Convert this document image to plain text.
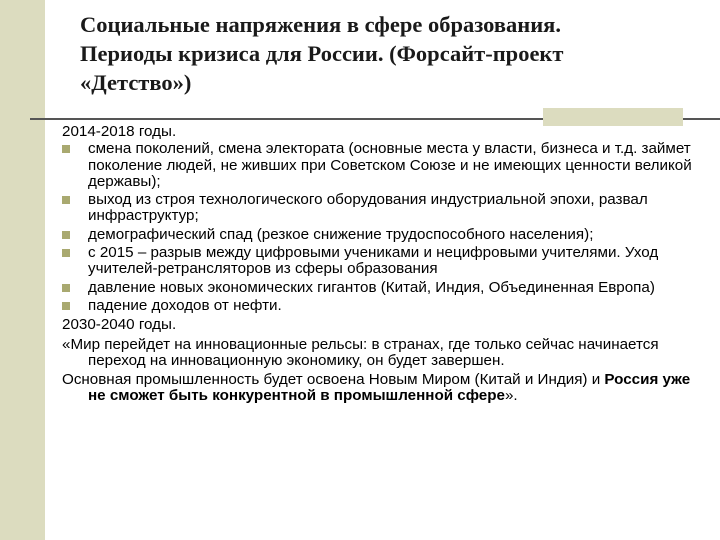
Социальные напряжения в сфере образования.
Периоды кризиса для России. (Форсайт-проект
«Детство»)
2014-2018 годы.
смена поколений, смена электората (основные места у власти, бизнеса и т.д. займет поколение людей, не живших при Советском Союзе и не имеющих ценности великой державы);
выход из строя технологического оборудования индустриальной эпохи, развал инфраструктур;
демографический спад (резкое снижение трудоспособного населения);
с 2015 – разрыв между цифровыми учениками и нецифровыми учителями. Уход учителей-ретрансляторов из сферы образования
давление новых экономических гигантов (Китай, Индия, Объединенная Европа)
падение доходов от нефти.
2030-2040 годы.
«Мир перейдет на инновационные рельсы: в странах, где только сейчас начинается переход на инновационную экономику, он будет завершен.
Основная промышленность будет освоена Новым Миром (Китай и Индия) и Россия уже не сможет быть конкурентной в промышленной сфере».
